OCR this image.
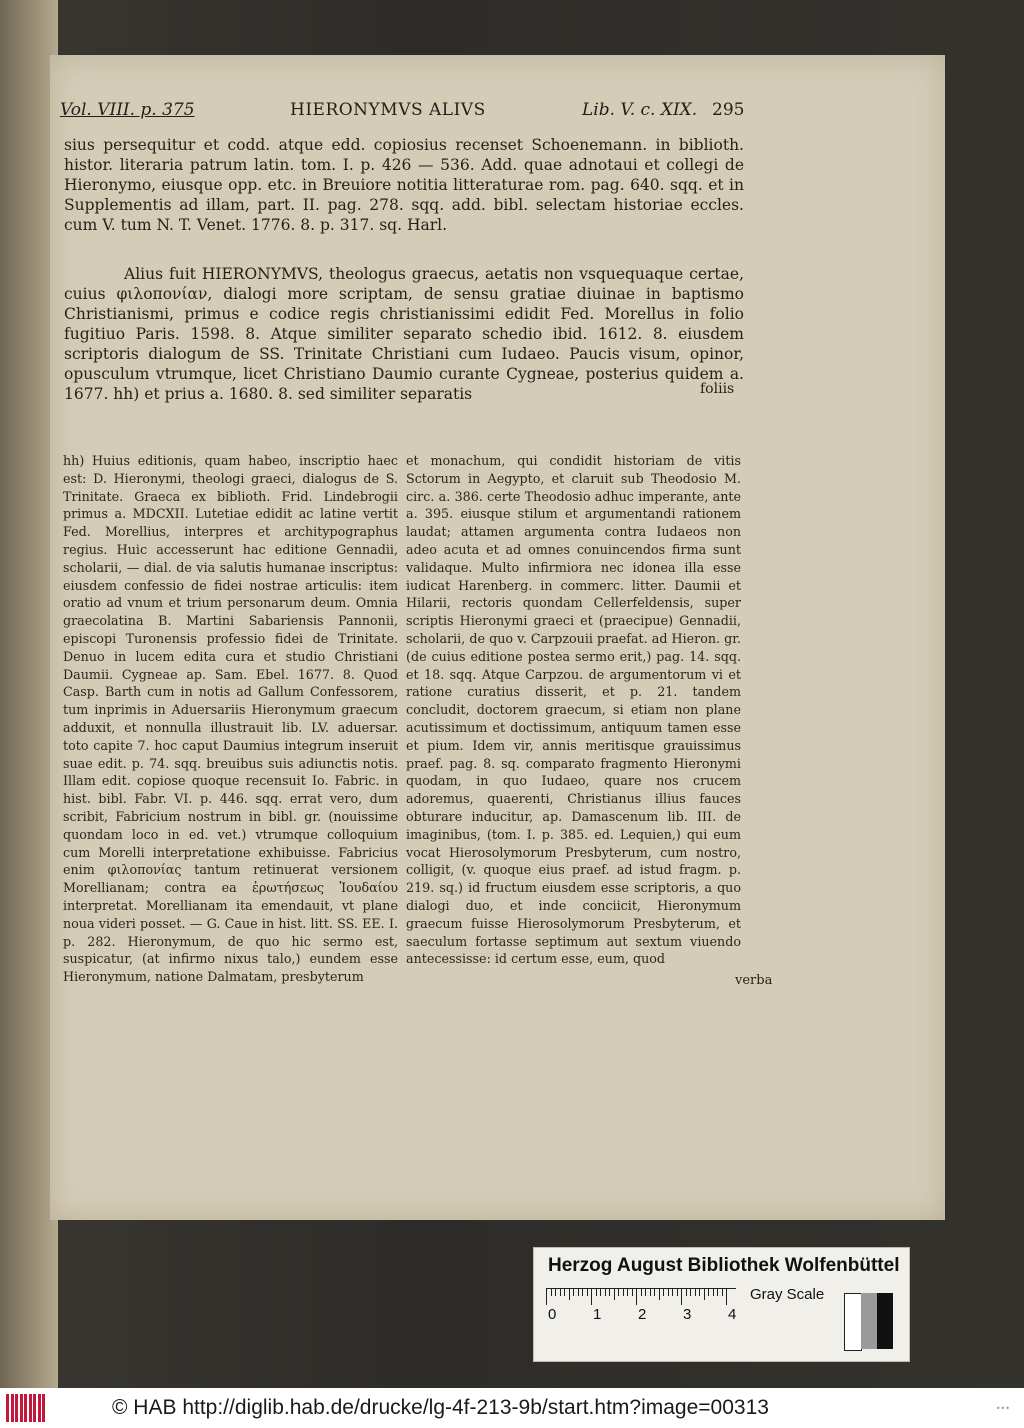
Vol. VIII. p. 375	HIERONYMVS ALIVS	Lib. V. c. XIX. 295
sius persequitur et codd. atque edd. copiosius recenset Schoenemann. in biblioth. histor. literaria patrum latin. tom. I. p. 426 — 536. Add. quae adnotaui et collegi de Hieronymo, eiusque opp. etc. in Breuiore notitia litteraturae rom. pag. 640. sqq. et in Supplementis ad illam, part. II. pag. 278. sqq. add. bibl. selectam historiae eccles. cum V. tum N. T. Venet. 1776. 8. p. 317. sq. Harl.
Alius fuit HIERONYMVS, theologus graecus, aetatis non vsquequaque certae, cuius φιλοπονίαν, dialogi more scriptam, de sensu gratiae diuinae in baptismo Christianismi, primus e codice regis christianissimi edidit Fed. Morellus in folio fugitiuo Paris. 1598. 8. Atque similiter separato schedio ibid. 1612. 8. eiusdem scriptoris dialogum de SS. Trinitate Christiani cum Iudaeo. Paucis visum, opinor, opusculum vtrumque, licet Christiano Daumio curante Cygneae, posterius quidem a. 1677. hh) et prius a. 1680. 8. sed similiter separatis	foliis
hh) Huius editionis, quam habeo, inscriptio haec est: D. Hieronymi, theologi graeci, dialogus de S. Trinitate. Graeca ex biblioth. Frid. Lindebrogii primus a. MDCXII. Lutetiae edidit ac latine vertit Fed. Morellius, interpres et architypographus regius. Huic accesserunt hac editione Gennadii, scholarii, — dial. de via salutis humanae inscriptus: eiusdem confessio de fidei nostrae articulis: item oratio ad vnum et trium personarum deum. Omnia graecolatina B. Martini Sabariensis Pannonii, episcopi Turonensis professio fidei de Trinitate. Denuo in lucem edita cura et studio Christiani Daumii. Cygneae ap. Sam. Ebel. 1677. 8. Quod Casp. Barth cum in notis ad Gallum Confessorem, tum inprimis in Aduersariis Hieronymum graecum adduxit, et nonnulla illustrauit lib. LV. aduersar. toto capite 7. hoc caput Daumius integrum inseruit suae edit. p. 74. sqq. breuibus suis adiunctis notis. Illam edit. copiose quoque recensuit Io. Fabric. in hist. bibl. Fabr. VI. p. 446. sqq. errat vero, dum scribit, Fabricium nostrum in bibl. gr. (nouissime quondam loco in ed. vet.) vtrumque colloquium cum Morelli interpretatione exhibuisse. Fabricius enim φιλοπονίας tantum retinuerat versionem Morellianam; contra ea ἐρωτήσεως Ἰουδαίου interpretat. Morellianam ita emendauit, vt plane noua videri posset. — G. Caue in hist. litt. SS. EE. I. p. 282. Hieronymum, de quo hic sermo est, suspicatur, (at infirmo nixus talo,) eundem esse Hieronymum, natione Dalmatam, presbyterum
et monachum, qui condidit historiam de vitis Sctorum in Aegypto, et claruit sub Theodosio M. circ. a. 386. certe Theodosio adhuc imperante, ante a. 395. eiusque stilum et argumentandi rationem laudat; attamen argumenta contra Iudaeos non adeo acuta et ad omnes conuincendos firma sunt validaque. Multo infirmiora nec idonea illa esse iudicat Harenberg. in commerc. litter. Daumii et Hilarii, rectoris quondam Cellerfeldensis, super scriptis Hieronymi graeci et (praecipue) Gennadii, scholarii, de quo v. Carpzouii praefat. ad Hieron. gr. (de cuius editione postea sermo erit,) pag. 14. sqq. et 18. sqq. Atque Carpzou. de argumentorum vi et ratione curatius disserit, et p. 21. tandem concludit, doctorem graecum, si etiam non plane acutissimum et doctissimum, antiquum tamen esse et pium. Idem vir, annis meritisque grauissimus praef. pag. 8. sq. comparato fragmento Hieronymi quodam, in quo Iudaeo, quare nos crucem adoremus, quaerenti, Christianus illius fauces obturare inducitur, ap. Damascenum lib. III. de imaginibus, (tom. I. p. 385. ed. Lequien,) qui eum vocat Hierosolymorum Presbyterum, cum nostro, colligit, (v. quoque eius praef. ad istud fragm. p. 219. sq.) id fructum eiusdem esse scriptoris, a quo dialogi duo, et inde conciicit, Hieronymum graecum fuisse Hierosolymorum Presbyterum, et saeculum fortasse septimum aut sextum viuendo antecessisse: id certum esse, eum, quod
verba
Herzog August Bibliothek Wolfenbüttel
0 1 2 3 4
Gray Scale
© HAB http://diglib.hab.de/drucke/lg-4f-213-9b/start.htm?image=00313	•••
